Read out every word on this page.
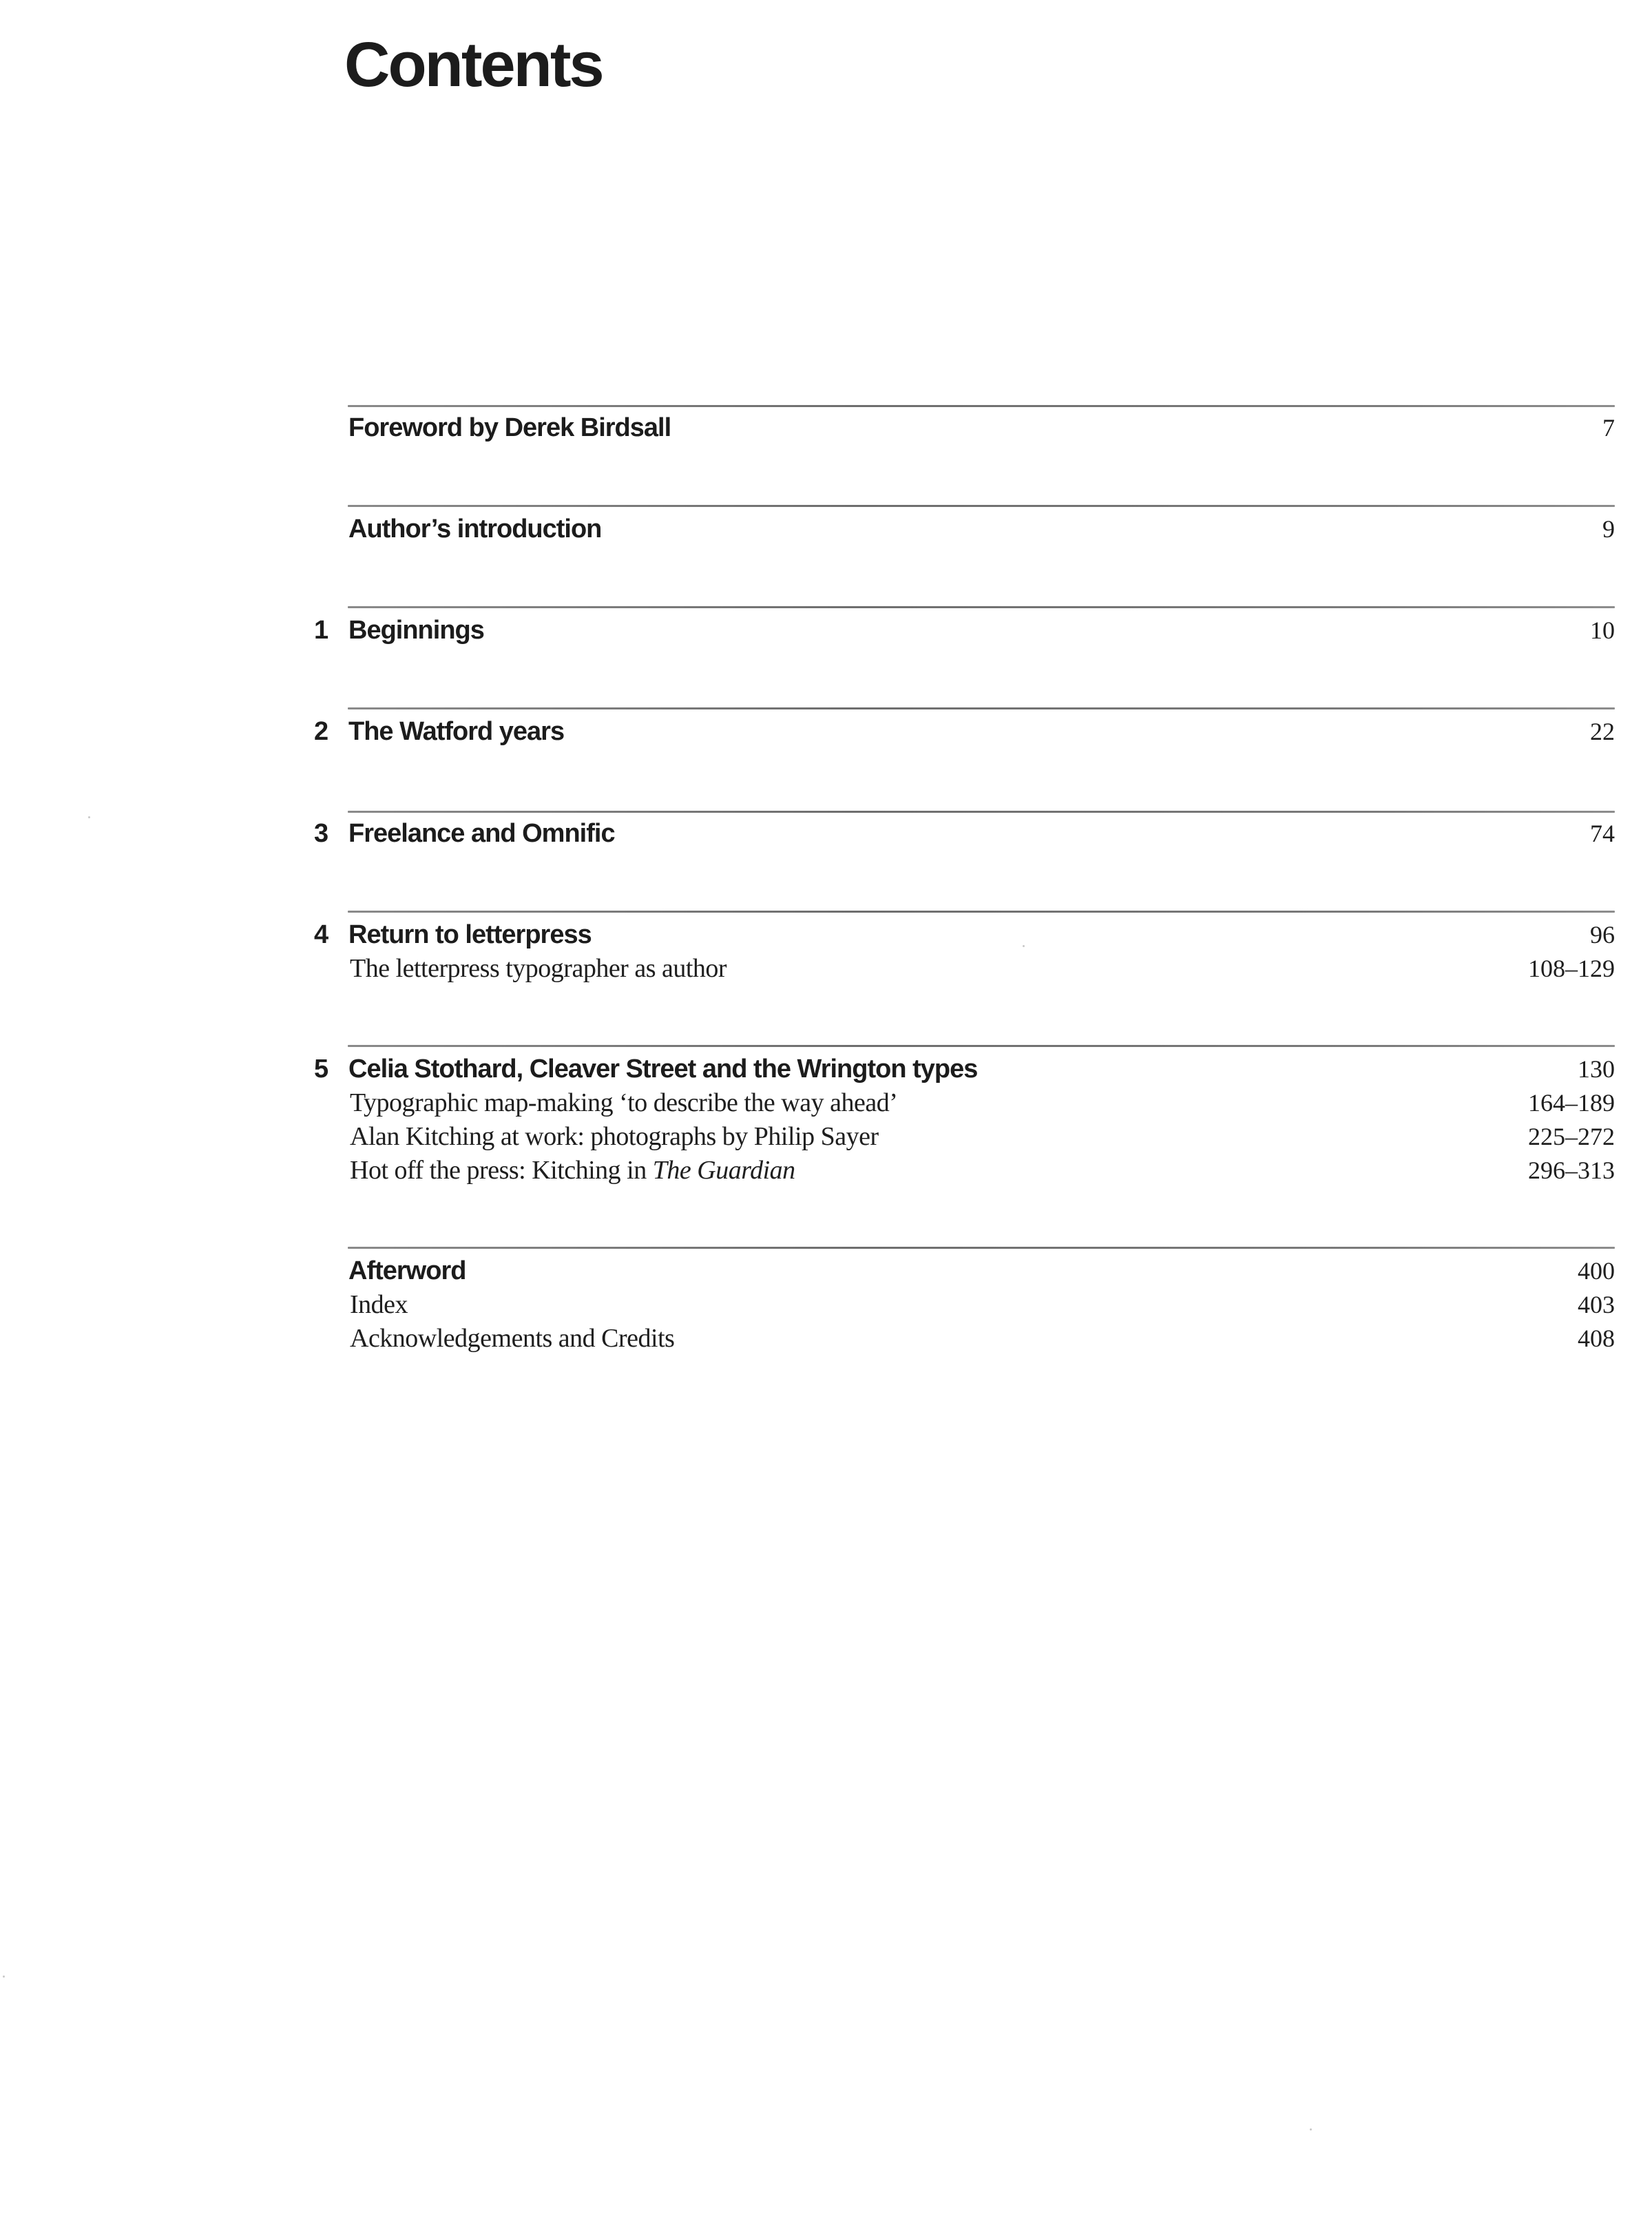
Contents
Foreword by Derek Birdsall	7
Author’s introduction	9
1 Beginnings	10
2 The Watford years	22
3 Freelance and Omnific	74
4 Return to letterpress	96
The letterpress typographer as author	108–129
5 Celia Stothard, Cleaver Street and the Wrington types	130
Typographic map-making ‘to describe the way ahead’	164–189
Alan Kitching at work: photographs by Philip Sayer	225–272
Hot off the press: Kitching in The Guardian	296–313
Afterword	400
Index	403
Acknowledgements and Credits	408
